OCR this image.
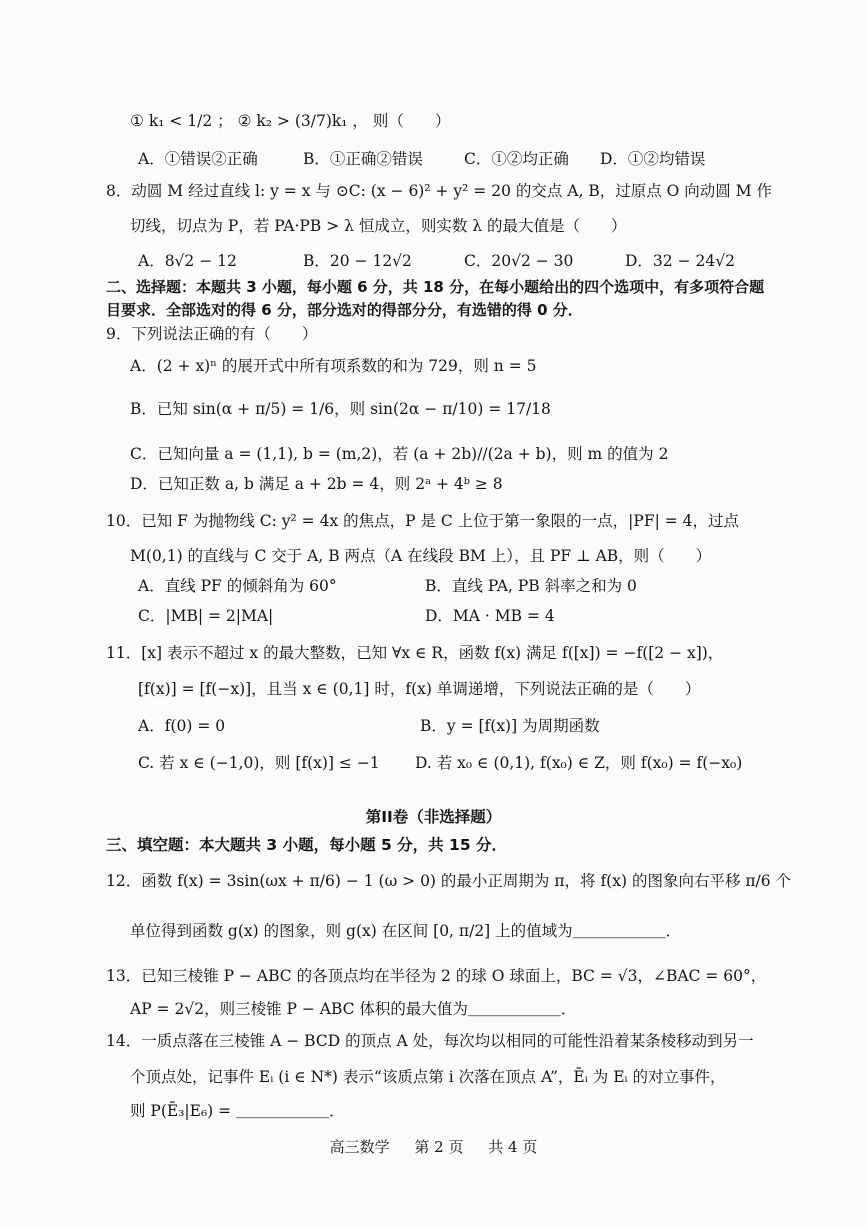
① k₁ < 1/2 ； ② k₂ > (3/7)k₁ ， 则（　　）
A．①错误②正确	B．①正确②错误	C．①②均正确 D．①②均错误
8．动圆 M 经过直线 l: y = x 与 ⊙C: (x − 6)² + y² = 20 的交点 A, B，过原点 O 向动圆 M 作
切线，切点为 P，若 PA·PB > λ 恒成立，则实数 λ 的最大值是（　　）
A．8√2 − 12	B．20 − 12√2	C．20√2 − 30	D．32 − 24√2
二、选择题：本题共 3 小题，每小题 6 分，共 18 分，在每小题给出的四个选项中，有多项符合题
目要求．全部选对的得 6 分，部分选对的得部分分，有选错的得 0 分．
9．下列说法正确的有（　　）
A．(2 + x)ⁿ 的展开式中所有项系数的和为 729，则 n = 5
B．已知 sin(α + π/5) = 1/6，则 sin(2α − π/10) = 17/18
C．已知向量 a = (1,1), b = (m,2)，若 (a + 2b)//(2a + b)，则 m 的值为 2
D．已知正数 a, b 满足 a + 2b = 4，则 2ᵃ + 4ᵇ ≥ 8
10．已知 F 为抛物线 C: y² = 4x 的焦点，P 是 C 上位于第一象限的一点，|PF| = 4，过点
M(0,1) 的直线与 C 交于 A, B 两点（A 在线段 BM 上），且 PF ⊥ AB，则（　　）
A．直线 PF 的倾斜角为 60°	B．直线 PA, PB 斜率之和为 0
C．|MB| = 2|MA|	D．MA · MB = 4
11．[x] 表示不超过 x 的最大整数，已知 ∀x ∈ R，函数 f(x) 满足 f([x]) = −f([2 − x])，
[f(x)] = [f(−x)]，且当 x ∈ (0,1] 时，f(x) 单调递增，下列说法正确的是（　　）
A．f(0) = 0	B．y = [f(x)] 为周期函数
C. 若 x ∈ (−1,0)，则 [f(x)] ≤ −1 D. 若 x₀ ∈ (0,1), f(x₀) ∈ Z，则 f(x₀) = f(−x₀)
第II卷（非选择题）
三、填空题：本大题共 3 小题，每小题 5 分，共 15 分．
12．函数 f(x) = 3sin(ωx + π/6) − 1 (ω > 0) 的最小正周期为 π，将 f(x) 的图象向右平移 π/6 个
单位得到函数 g(x) 的图象，则 g(x) 在区间 [0, π/2] 上的值域为＿＿＿＿＿＿．
13．已知三棱锥 P − ABC 的各顶点均在半径为 2 的球 O 球面上，BC = √3，∠BAC = 60°，
AP = 2√2，则三棱锥 P − ABC 体积的最大值为＿＿＿＿＿＿．
14．一质点落在三棱锥 A − BCD 的顶点 A 处，每次均以相同的可能性沿着某条棱移动到另一
个顶点处，记事件 Eᵢ (i ∈ N*) 表示“该质点第 i 次落在顶点 A”，Ēᵢ 为 Eᵢ 的对立事件，
则 P(Ē₃|E₆) = ＿＿＿＿＿＿．
高三数学 第 2 页 共 4 页
